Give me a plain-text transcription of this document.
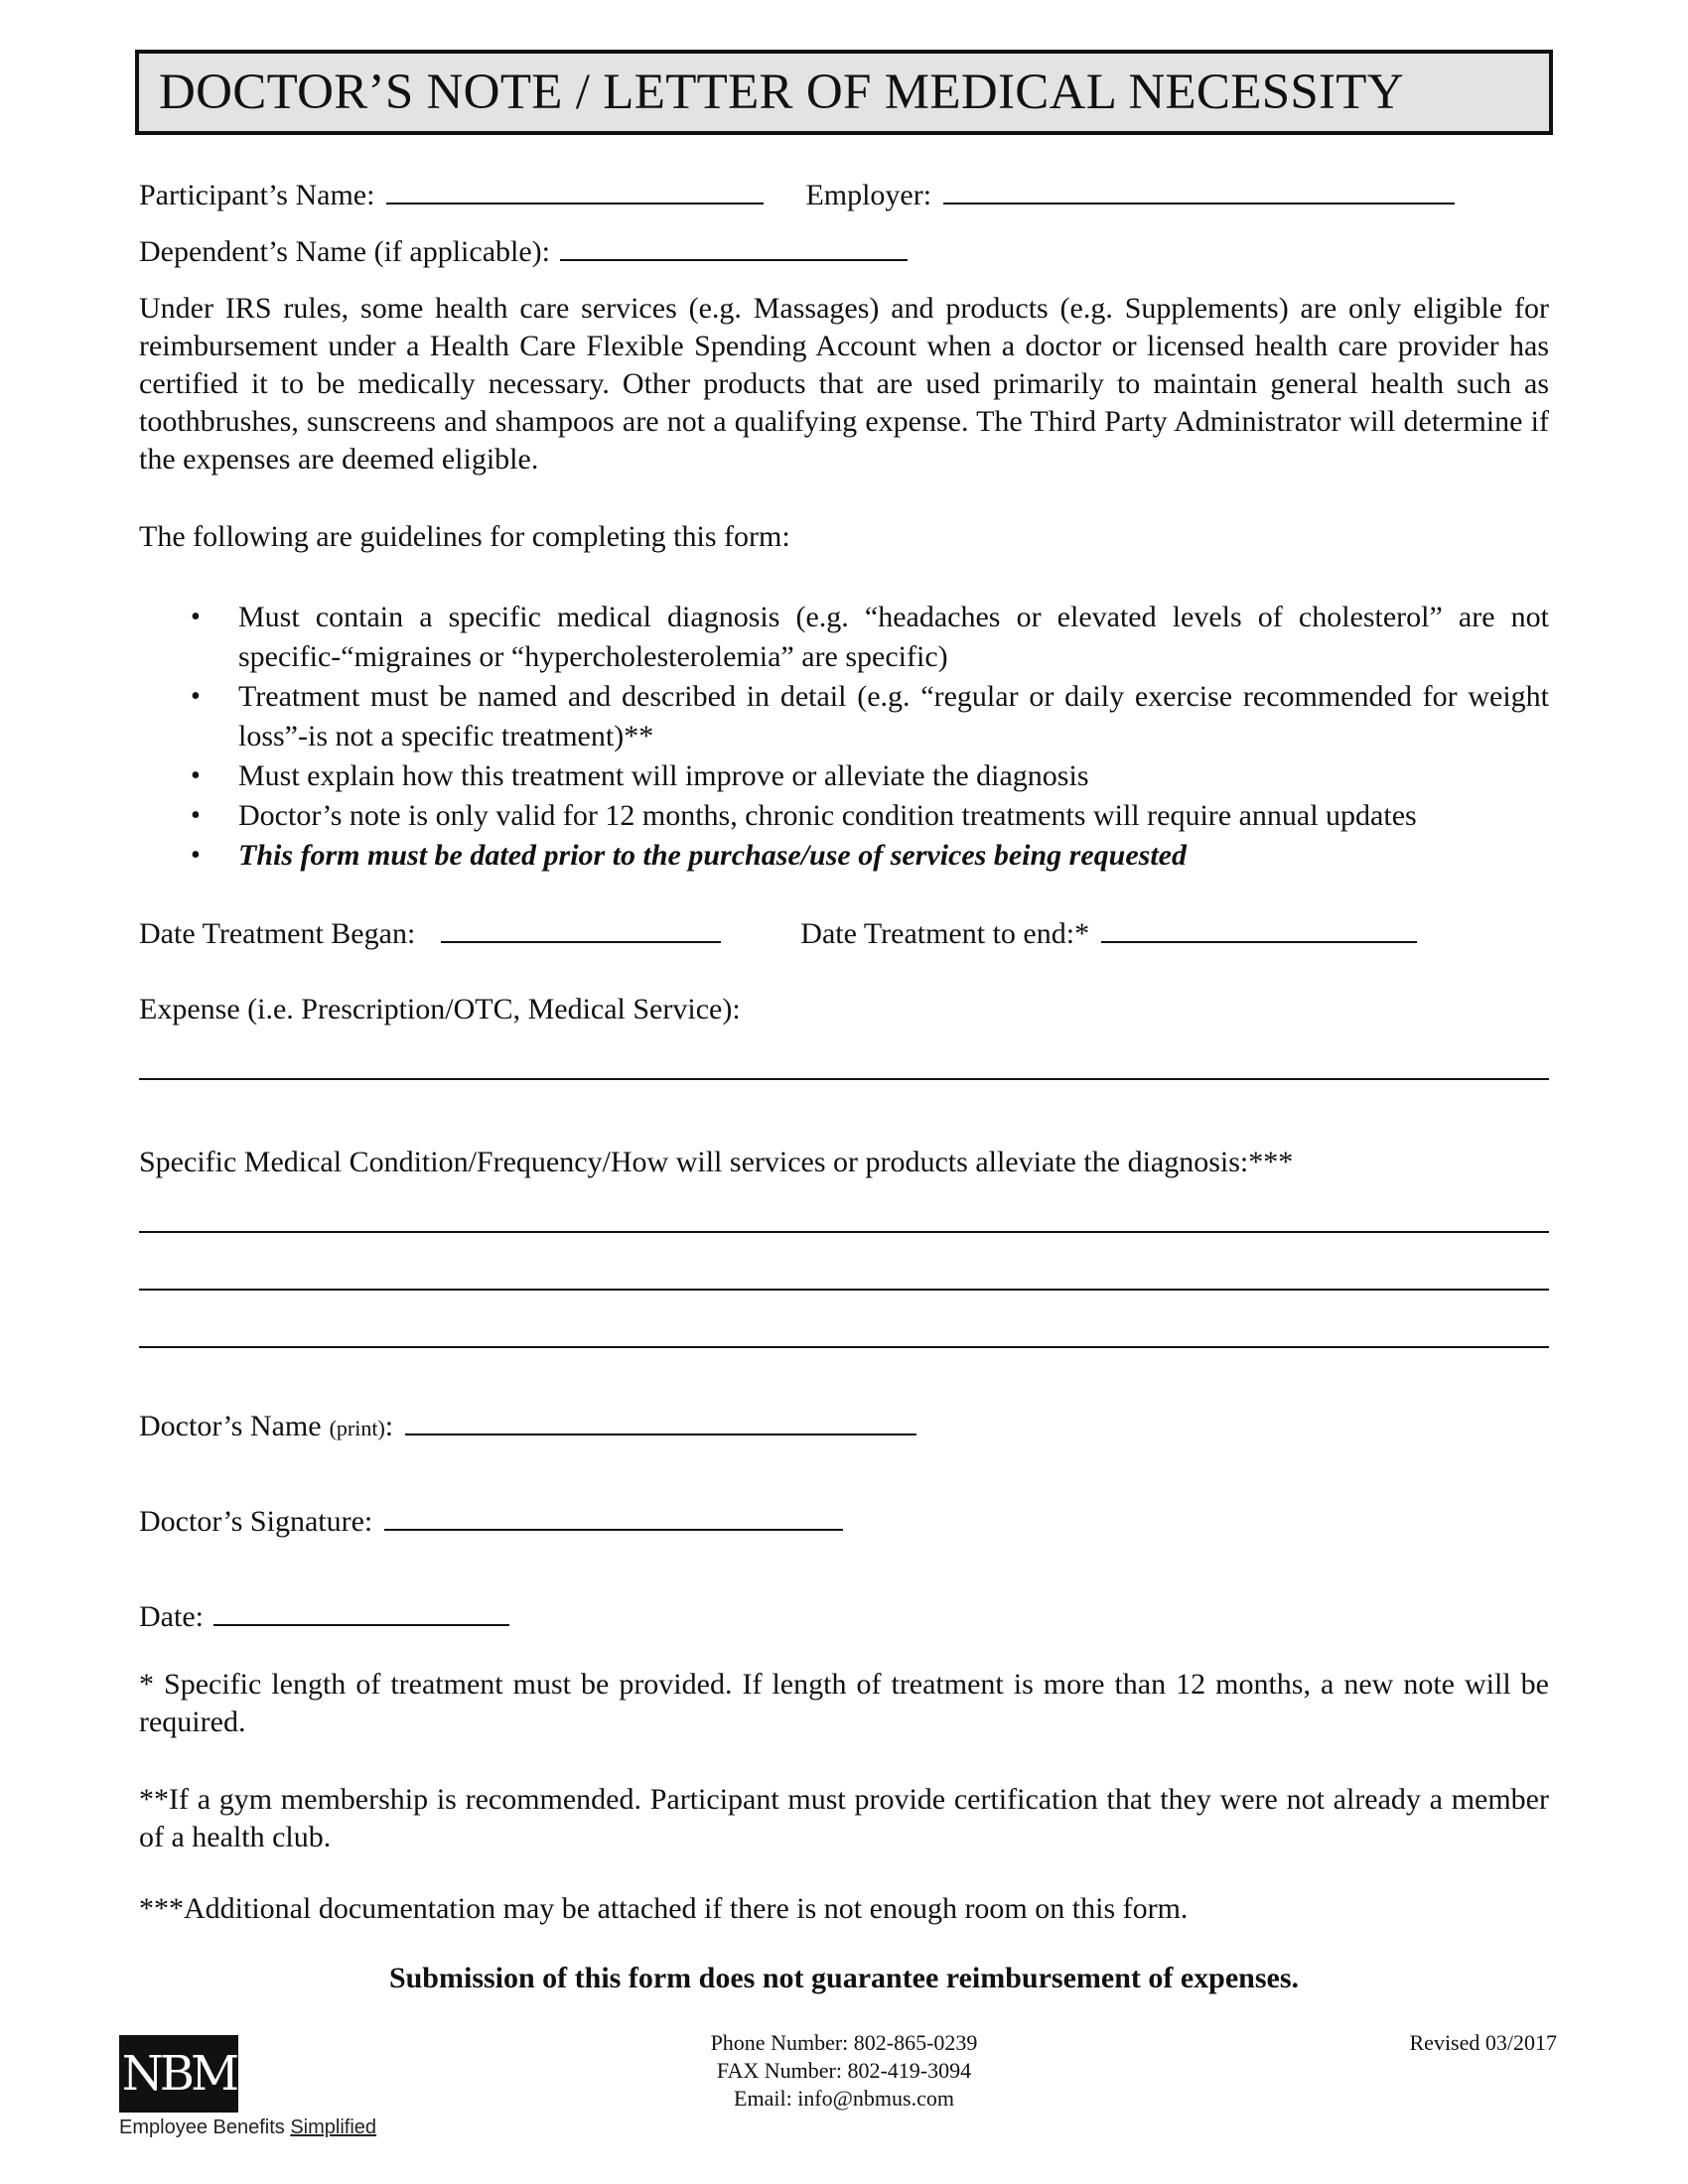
DOCTOR’S NOTE / LETTER OF MEDICAL NECESSITY
Participant’s Name:	Employer:
Dependent’s Name (if applicable):
Under IRS rules, some health care services (e.g. Massages) and products (e.g. Supplements) are only eligible for reimbursement under a Health Care Flexible Spending Account when a doctor or licensed health care provider has certified it to be medically necessary. Other products that are used primarily to maintain general health such as toothbrushes, sunscreens and shampoos are not a qualifying expense. The Third Party Administrator will determine if the expenses are deemed eligible.
The following are guidelines for completing this form:
• Must contain a specific medical diagnosis (e.g. “headaches or elevated levels of cholesterol” are not specific-“migraines or “hypercholesterolemia” are specific)
• Treatment must be named and described in detail (e.g. “regular or daily exercise recommended for weight loss”-is not a specific treatment)**
• Must explain how this treatment will improve or alleviate the diagnosis
• Doctor’s note is only valid for 12 months, chronic condition treatments will require annual updates
• This form must be dated prior to the purchase/use of services being requested
Date Treatment Began:	Date Treatment to end:*
Expense (i.e. Prescription/OTC, Medical Service):
Specific Medical Condition/Frequency/How will services or products alleviate the diagnosis:***
Doctor’s Name (print) :
Doctor’s Signature:
Date:
* Specific length of treatment must be provided. If length of treatment is more than 12 months, a new note will be required.
**If a gym membership is recommended. Participant must provide certification that they were not already a member of a health club.
***Additional documentation may be attached if there is not enough room on this form.
Submission of this form does not guarantee reimbursement of expenses.
Phone Number: 802-865-0239
FAX Number: 802-419-3094
Email: info@nbmus.com
Revised 03/2017
NBM
Employee Benefits Simplified
